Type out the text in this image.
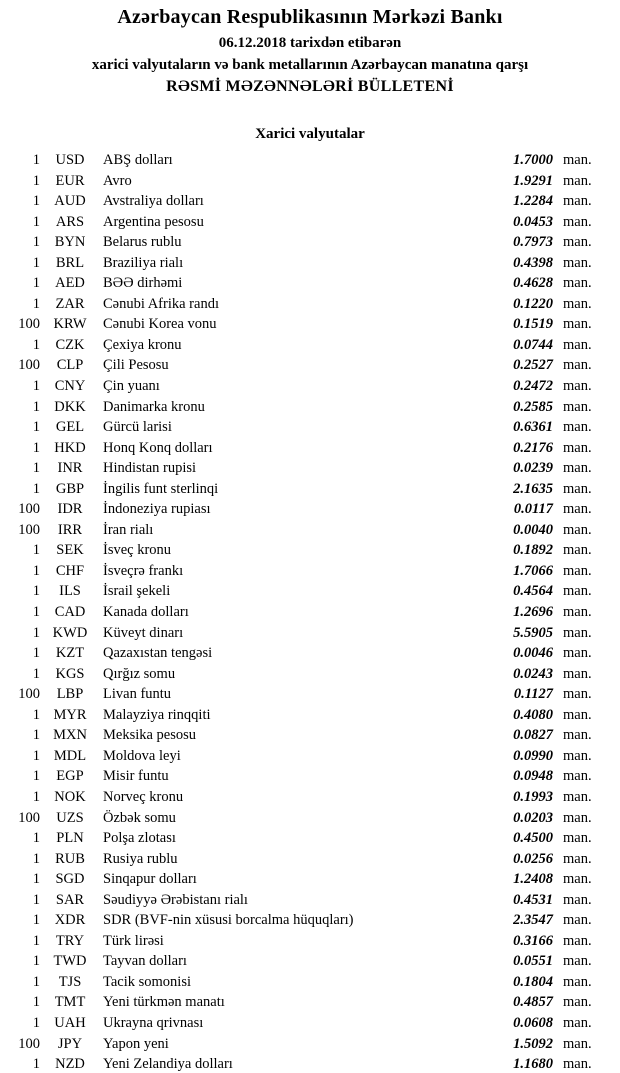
Azərbaycan Respublikasının Mərkəzi Bankı
06.12.2018 tarixdən etibarən
xarici valyutaların və bank metallarının Azərbaycan manatına qarşı
RƏSMİ MƏZƏNNƏLƏRİ BÜLLETENİ
Xarici valyutalar
1	USD	ABŞ dolları	1.7000 man.
1	EUR	Avro	1.9291 man.
1 AUD	Avstraliya dolları	1.2284 man.
1	ARS	Argentina pesosu	0.0453 man.
1	BYN	Belarus rublu	0.7973 man.
1	BRL	Braziliya rialı	0.4398 man.
1	AED	BƏƏ dirhəmi	0.4628 man.
1	ZAR	Cənubi Afrika randı	0.1220 man.
100 KRW	Cənubi Korea vonu	0.1519 man.
1	CZK	Çexiya kronu	0.0744 man.
100	CLP	Çili Pesosu	0.2527 man.
1	CNY	Çin yuanı	0.2472 man.
1 DKK	Danimarka kronu	0.2585 man.
1	GEL	Gürcü larisi	0.6361 man.
1 HKD	Honq Konq dolları	0.2176 man.
1	INR	Hindistan rupisi	0.0239 man.
1	GBP	İngilis funt sterlinqi	2.1635 man.
100	IDR	İndoneziya rupiası	0.0117 man.
100	IRR	İran rialı	0.0040 man.
1	SEK	İsveç kronu	0.1892 man.
1	CHF	İsveçrə frankı	1.7066 man.
1	ILS	İsrail şekeli	0.4564 man.
1	CAD	Kanada dolları	1.2696 man.
1 KWD	Küveyt dinarı	5.5905 man.
1	KZT	Qazaxıstan tengəsi	0.0046 man.
1	KGS	Qırğız somu	0.0243 man.
100	LBP	Livan funtu	0.1127 man.
1 MYR	Malayziya rinqqiti	0.4080 man.
1 MXN	Meksika pesosu	0.0827 man.
1 MDL	Moldova leyi	0.0990 man.
1	EGP	Misir funtu	0.0948 man.
1 NOK	Norveç kronu	0.1993 man.
100	UZS	Özbək somu	0.0203 man.
1	PLN	Polşa zlotası	0.4500 man.
1	RUB	Rusiya rublu	0.0256 man.
1	SGD	Sinqapur dolları	1.2408 man.
1	SAR	Səudiyyə Ərəbistanı rialı	0.4531 man.
1	XDR	SDR (BVF-nin xüsusi borcalma hüquqları)	2.3547 man.
1	TRY	Türk lirəsi	0.3166 man.
1 TWD	Tayvan dolları	0.0551 man.
1	TJS	Tacik somonisi	0.1804 man.
1	TMT	Yeni türkmən manatı	0.4857 man.
1 UAH	Ukrayna qrivnası	0.0608 man.
100	JPY	Yapon yeni	1.5092 man.
1	NZD	Yeni Zelandiya dolları	1.1680 man.
